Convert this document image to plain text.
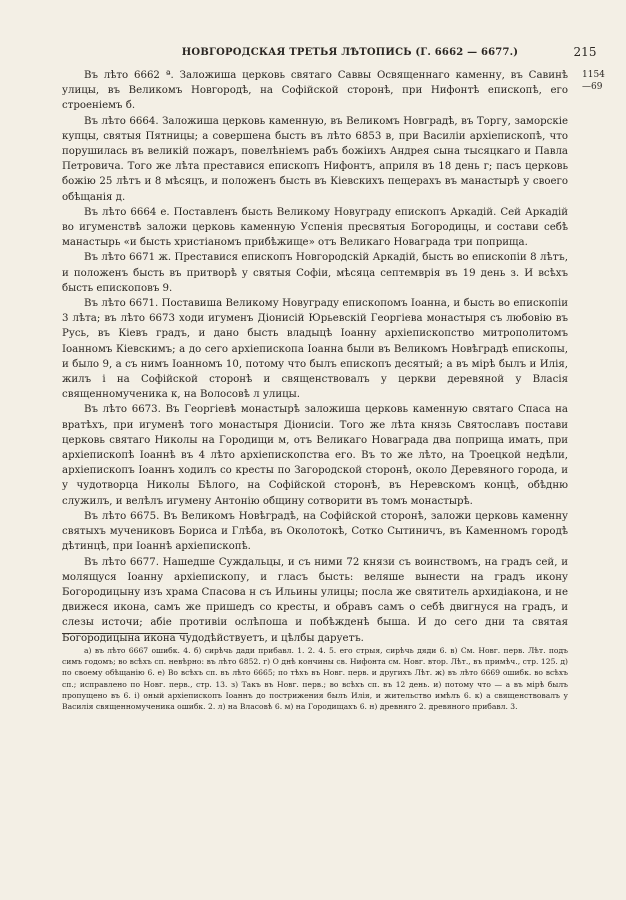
НОВГОРОДСКАЯ ТРЕТЬЯ ЛѢТОПИСЬ (Г. 6662 — 6677.)	215
1154
—69

Въ лѣто 6662 ª. Заложиша церковь святаго Саввы Освященнаго каменну, въ Савинѣ улицы, въ Великомъ Новгородѣ, на Софійской сторонѣ, при Нифонтѣ епископѣ, его строеніемъ б.

Въ лѣто 6664. Заложиша церковь каменную, въ Великомъ Новградѣ, въ Торгу, заморскіе купцы, святыя Пятницы; а совершена бысть въ лѣто 6853 в, при Василіи архіепископѣ, что порушилась въ великій пожаръ, повелѣніемъ рабъ божіихъ Андрея сына тысяцкаго и Павла Петровича. Того же лѣта преставися епископъ Нифонтъ, априля въ 18 день г; пасъ церковь божію 25 лѣтъ и 8 мѣсяцъ, и положенъ бысть въ Кіевскихъ пещерахъ въ манастырѣ у своего обѣщанія д.

Въ лѣто 6664 е. Поставленъ бысть Великому Новуграду епископъ Аркадій. Сей Аркадій во игуменствѣ заложи церковь каменную Успенія пресвятыя Богородицы, и состави себѣ манастырь «и бысть христіаномъ прибѣжище» отъ Великаго Новаграда три поприща.

Въ лѣто 6671 ж. Преставися епископъ Новгородскій Аркадій, бысть во епископіи 8 лѣтъ, и положенъ бысть въ притворѣ у святыя Софіи, мѣсяца септемврія въ 19 день з. И всѣхъ бысть епископовъ 9.

Въ лѣто 6671. Поставиша Великому Новуграду епископомъ Іоанна, и бысть во епископіи 3 лѣта; въ лѣто 6673 ходи игуменъ Діонисій Юрьевскій Георгіева монастыря съ любовію въ Русь, въ Кіевъ градъ, и дано бысть владыцѣ Іоанну архіепископство митрополитомъ Іоанномъ Кіевскимъ; а до сего архіепископа Іоанна были въ Великомъ Новѣградѣ епископы, и было 9, а съ нимъ Іоанномъ 10, потому что былъ епископъ десятый; а въ мірѣ былъ и Илія, жилъ і на Софійской сторонѣ и священствовалъ у церкви деревяной у Власія священномученика к, на Волосовѣ л улицы.

Въ лѣто 6673. Въ Георгіевѣ монастырѣ заложиша церковь каменную святаго Спаса на вратѣхъ, при игуменѣ того монастыря Діонисіи. Того же лѣта князь Святославъ постави церковь святаго Николы на Городищи м, отъ Великаго Новаграда два поприща имать, при архіепископѣ Іоаннѣ въ 4 лѣто архіепископства его. Въ то же лѣто, на Троецкой недѣли, архіепископъ Іоаннъ ходилъ со кресты по Загородской сторонѣ, около Деревяного города, и у чудотворца Николы Бѣлого, на Софійской сторонѣ, въ Неревскомъ концѣ, обѣдню служилъ, и велѣлъ игумену Антонію общину сотворити въ томъ монастырѣ.

Въ лѣто 6675. Въ Великомъ Новѣградѣ, на Софійской сторонѣ, заложи церковь каменну святыхъ мучениковъ Бориса и Глѣба, въ Околотокѣ, Сотко Сытиничъ, въ Каменномъ городѣ дѣтинцѣ, при Іоаннѣ архіепископѣ.

Въ лѣто 6677. Нашедше Суждальцы, и съ ними 72 князи съ воинствомъ, на градъ сей, и молящуся Іоанну архіепископу, и гласъ бысть: веляше вынести на градъ икону Богородицыну изъ храма Спасова н съ Ильины улицы; посла же святитель архидіакона, и не движеся икона, самъ же пришедъ со кресты, и обравъ самъ о себѣ двигнуся на градъ, и слезы источи; абіе противіи ослѣпоша и побѣжденѣ быша. И до сего дни та святая Богородицына икона чудодѣйствуетъ, и цѣлбы даруетъ.

а) въ лѣто 6667 ошибк. 4. б) сирѣчь дади прибавл. 1. 2. 4. 5. его стрыя, сирѣчь дяди 6. в) См. Новг. перв. Лѣт. подъ симъ годомъ; во всѣхъ сп. невѣрно: въ лѣто 6852. г) О днѣ кончины св. Нифонта см. Новг. втор. Лѣт., въ примѣч., стр. 125. д) по своему обѣщанію 6. е) Во всѣхъ сп. въ лѣто 6665; по тѣхъ въ Новг. перв. и другихъ Лѣт. ж) въ лѣто 6669 ошибк. во всѣхъ сп.; исправлено по Новг. перв., стр. 13. з) Такъ въ Новг. перв.; во всѣхъ сп. въ 12 день. и) потому что — а въ мірѣ былъ пропущено въ 6. і) оный архіепископъ Іоаннъ до пострижения былъ Илія, и жительство имѣлъ 6. к) а священствовалъ у Василія священномученика ошибк. 2. л) на Власовѣ 6. м) на Городищахъ 6. н) древняго 2. древяного прибавл. 3.
